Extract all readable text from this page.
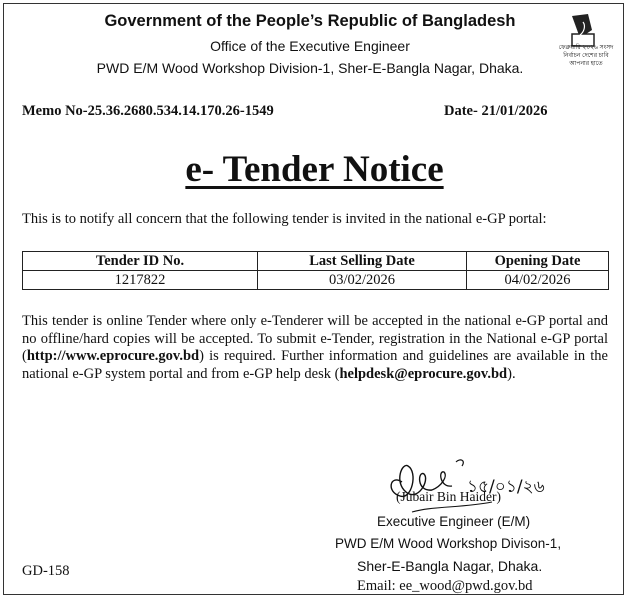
Government of the People’s Republic of Bangladesh
Office of the Executive Engineer
PWD E/M Wood Workshop Division-1, Sher-E-Bangla Nagar, Dhaka.
ফেব্রুয়ারি ২০২৬ সংসদ নির্বাচন দেশের চাবি আপনার হাতে
Memo No-25.36.2680.534.14.170.26-1549	Date- 21/01/2026
e- Tender Notice

This is to notify all concern that the following tender is invited in the national e-GP portal:

Tender ID No.	Last Selling Date	Opening Date
1217822	03/02/2026	04/02/2026

This tender is online Tender where only e-Tenderer will be accepted in the national e-GP portal and no offline/hard copies will be accepted. To submit e-Tender, registration in the National e-GP portal (http://www.eprocure.gov.bd) is required. Further information and guidelines are available in the national e-GP system portal and from e-GP help desk (helpdesk@eprocure.gov.bd).

১৫/০১/২৬
(Jubair Bin Haider)
Executive Engineer (E/M)
PWD E/M Wood Workshop Divison-1,
Sher-E-Bangla Nagar, Dhaka.
Email: ee_wood@pwd.gov.bd
GD-158
